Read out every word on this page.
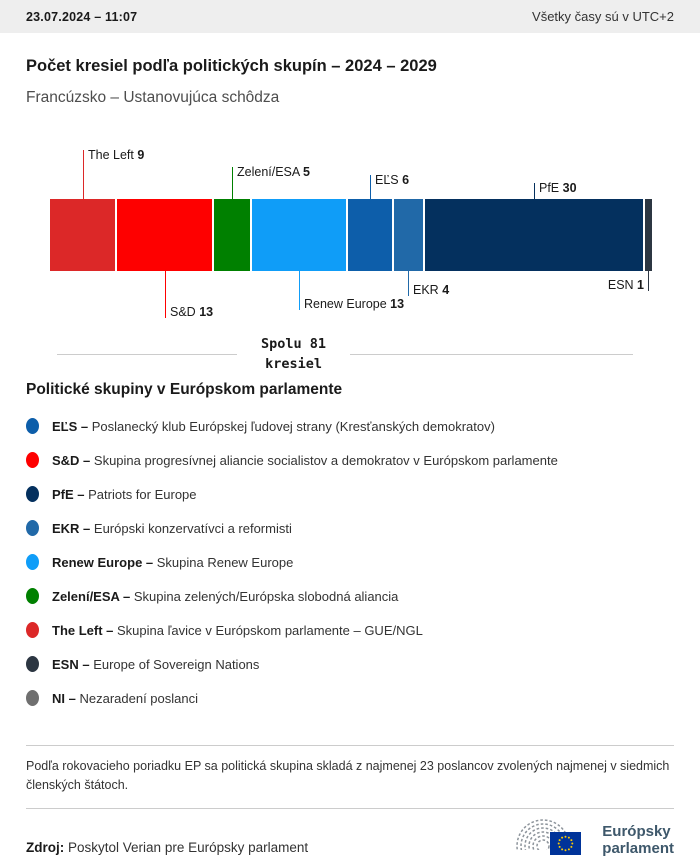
23.07.2024 – 11:07	Všetky časy sú v UTC+2
Počet kresiel podľa politických skupín – 2024 – 2029
Francúzsko – Ustanovujúca schôdza
The Left 9
S&D 13
Zelení/ESA 5
Renew Europe 13
EĽS 6
EKR 4
PfE 30
ESN 1
Spolu 81
kresiel
Politické skupiny v Európskom parlamente
EĽS – Poslanecký klub Európskej ľudovej strany (Kresťanských demokratov)
S&D – Skupina progresívnej aliancie socialistov a demokratov v Európskom parlamente
PfE – Patriots for Europe
EKR – Európski konzervatívci a reformisti
Renew Europe – Skupina Renew Europe
Zelení/ESA – Skupina zelených/Európska slobodná aliancia
The Left – Skupina ľavice v Európskom parlamente – GUE/NGL
ESN – Europe of Sovereign Nations
NI – Nezaradení poslanci

Podľa rokovacieho poriadku EP sa politická skupina skladá z najmenej 23 poslancov zvolených najmenej v siedmich členských štátoch.

Zdroj: Poskytol Verian pre Európsky parlament
Európsky
parlament
